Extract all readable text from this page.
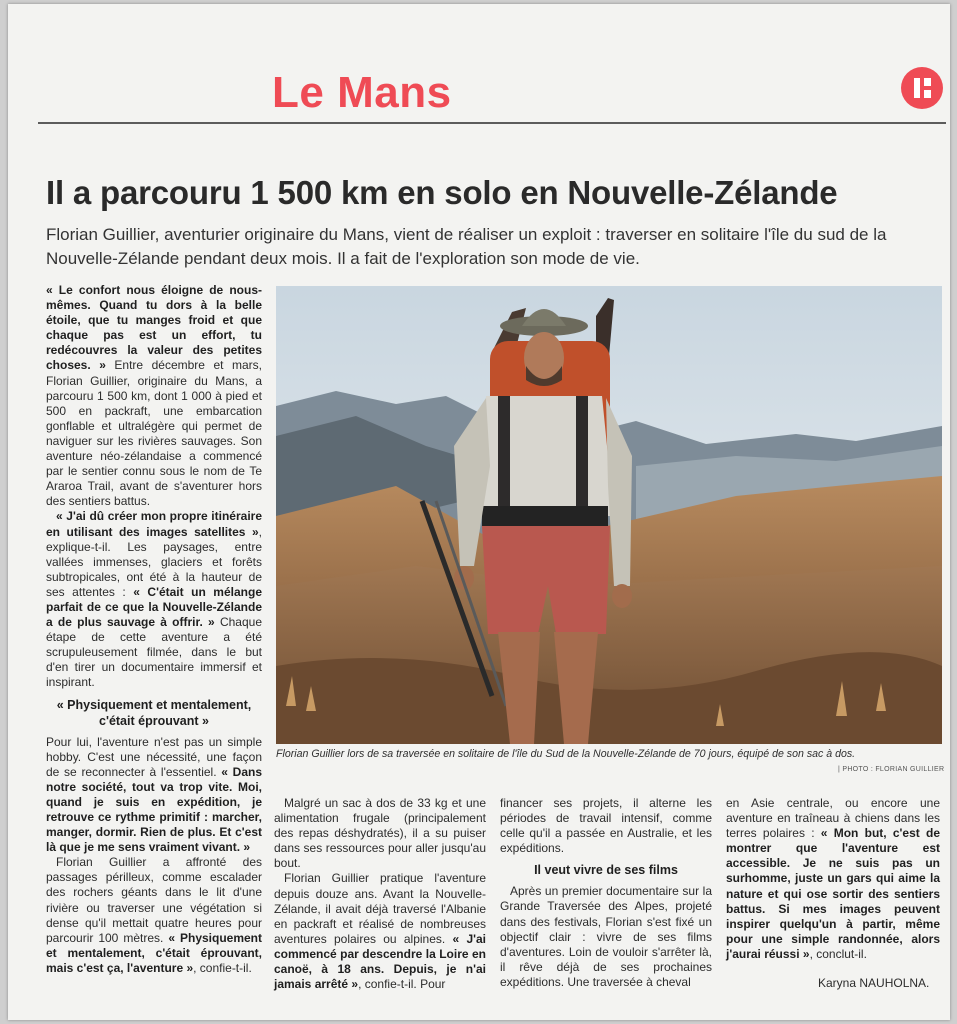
Le Mans
Il a parcouru 1 500 km en solo en Nouvelle-Zélande
Florian Guillier, aventurier originaire du Mans, vient de réaliser un exploit : traverser en solitaire l'île du sud de la Nouvelle-Zélande pendant deux mois. Il a fait de l'exploration son mode de vie.

« Le confort nous éloigne de nous-mêmes. Quand tu dors à la belle étoile, que tu manges froid et que chaque pas est un effort, tu redécouvres la valeur des petites choses. » Entre décembre et mars, Florian Guillier, originaire du Mans, a parcouru 1 500 km, dont 1 000 à pied et 500 en packraft, une embarcation gonflable et ultralégère qui permet de naviguer sur les rivières sauvages. Son aventure néo-zélandaise a commencé par le sentier connu sous le nom de Te Araroa Trail, avant de s'aventurer hors des sentiers battus.

« J'ai dû créer mon propre itinéraire en utilisant des images satellites », explique-t-il. Les paysages, entre vallées immenses, glaciers et forêts subtropicales, ont été à la hauteur de ses attentes : « C'était un mélange parfait de ce que la Nouvelle-Zélande a de plus sauvage à offrir. » Chaque étape de cette aventure a été scrupuleusement filmée, dans le but d'en tirer un documentaire immersif et inspirant.

« Physiquement et mentalement, c'était éprouvant »

Pour lui, l'aventure n'est pas un simple hobby. C'est une nécessité, une façon de se reconnecter à l'essentiel. « Dans notre société, tout va trop vite. Moi, quand je suis en expédition, je retrouve ce rythme primitif : marcher, manger, dormir. Rien de plus. Et c'est là que je me sens vraiment vivant. »

Florian Guillier a affronté des passages périlleux, comme escalader des rochers géants dans le lit d'une rivière ou traverser une végétation si dense qu'il mettait quatre heures pour parcourir 100 mètres. « Physiquement et mentalement, c'était éprouvant, mais c'est ça, l'aventure », confie-t-il.

Florian Guillier lors de sa traversée en solitaire de l'île du Sud de la Nouvelle-Zélande de 70 jours, équipé de son sac à dos.
| PHOTO : FLORIAN GUILLIER

Malgré un sac à dos de 33 kg et une alimentation frugale (principalement des repas déshydratés), il a su puiser dans ses ressources pour aller jusqu'au bout.

Florian Guillier pratique l'aventure depuis douze ans. Avant la Nouvelle-Zélande, il avait déjà traversé l'Albanie en packraft et réalisé de nombreuses aventures polaires ou alpines. « J'ai commencé par descendre la Loire en canoë, à 18 ans. Depuis, je n'ai jamais arrêté », confie-t-il. Pour

financer ses projets, il alterne les périodes de travail intensif, comme celle qu'il a passée en Australie, et les expéditions.

Il veut vivre de ses films

Après un premier documentaire sur la Grande Traversée des Alpes, projeté dans des festivals, Florian s'est fixé un objectif clair : vivre de ses films d'aventures. Loin de vouloir s'arrêter là, il rêve déjà de ses prochaines expéditions. Une traversée à cheval

en Asie centrale, ou encore une aventure en traîneau à chiens dans les terres polaires : « Mon but, c'est de montrer que l'aventure est accessible. Je ne suis pas un surhomme, juste un gars qui aime la nature et qui ose sortir des sentiers battus. Si mes images peuvent inspirer quelqu'un à partir, même pour une simple randonnée, alors j'aurai réussi », conclut-il.

Karyna NAUHOLNA.
